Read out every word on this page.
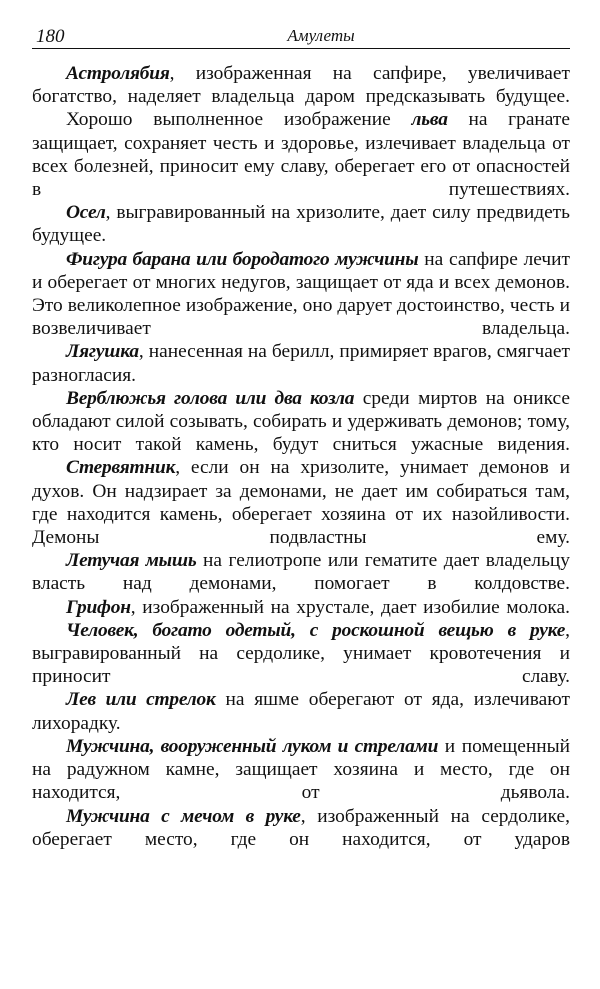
180	Амулеты

Астролябия, изображенная на сапфире, увеличивает богатство, наделяет владельца даром предсказывать будущее.

Хорошо выполненное изображение льва на гранате защищает, сохраняет честь и здоровье, излечивает владельца от всех болезней, приносит ему славу, оберегает его от опасностей в путешествиях.

Осел, выгравированный на хризолите, дает силу предвидеть будущее.

Фигура барана или бородатого мужчины на сапфире лечит и оберегает от многих недугов, защищает от яда и всех демонов. Это великолепное изображение, оно дарует достоинство, честь и возвеличивает владельца.

Лягушка, нанесенная на берилл, примиряет врагов, смягчает разногласия.

Верблюжья голова или два козла среди миртов на ониксе обладают силой созывать, собирать и удерживать демонов; тому, кто носит такой камень, будут сниться ужасные видения.

Стервятник, если он на хризолите, унимает демонов и духов. Он надзирает за демонами, не дает им собираться там, где находится камень, оберегает хозяина от их назойливости. Демоны подвластны ему.

Летучая мышь на гелиотропе или гематите дает владельцу власть над демонами, помогает в колдовстве.

Грифон, изображенный на хрустале, дает изобилие молока.

Человек, богато одетый, с роскошной вещью в руке, выгравированный на сердолике, унимает кровотечения и приносит славу.

Лев или стрелок на яшме оберегают от яда, излечивают лихорадку.

Мужчина, вооруженный луком и стрелами и помещенный на радужном камне, защищает хозяина и место, где он находится, от дьявола.

Мужчина с мечом в руке, изображенный на сердолике, оберегает место, где он находится, от ударов
